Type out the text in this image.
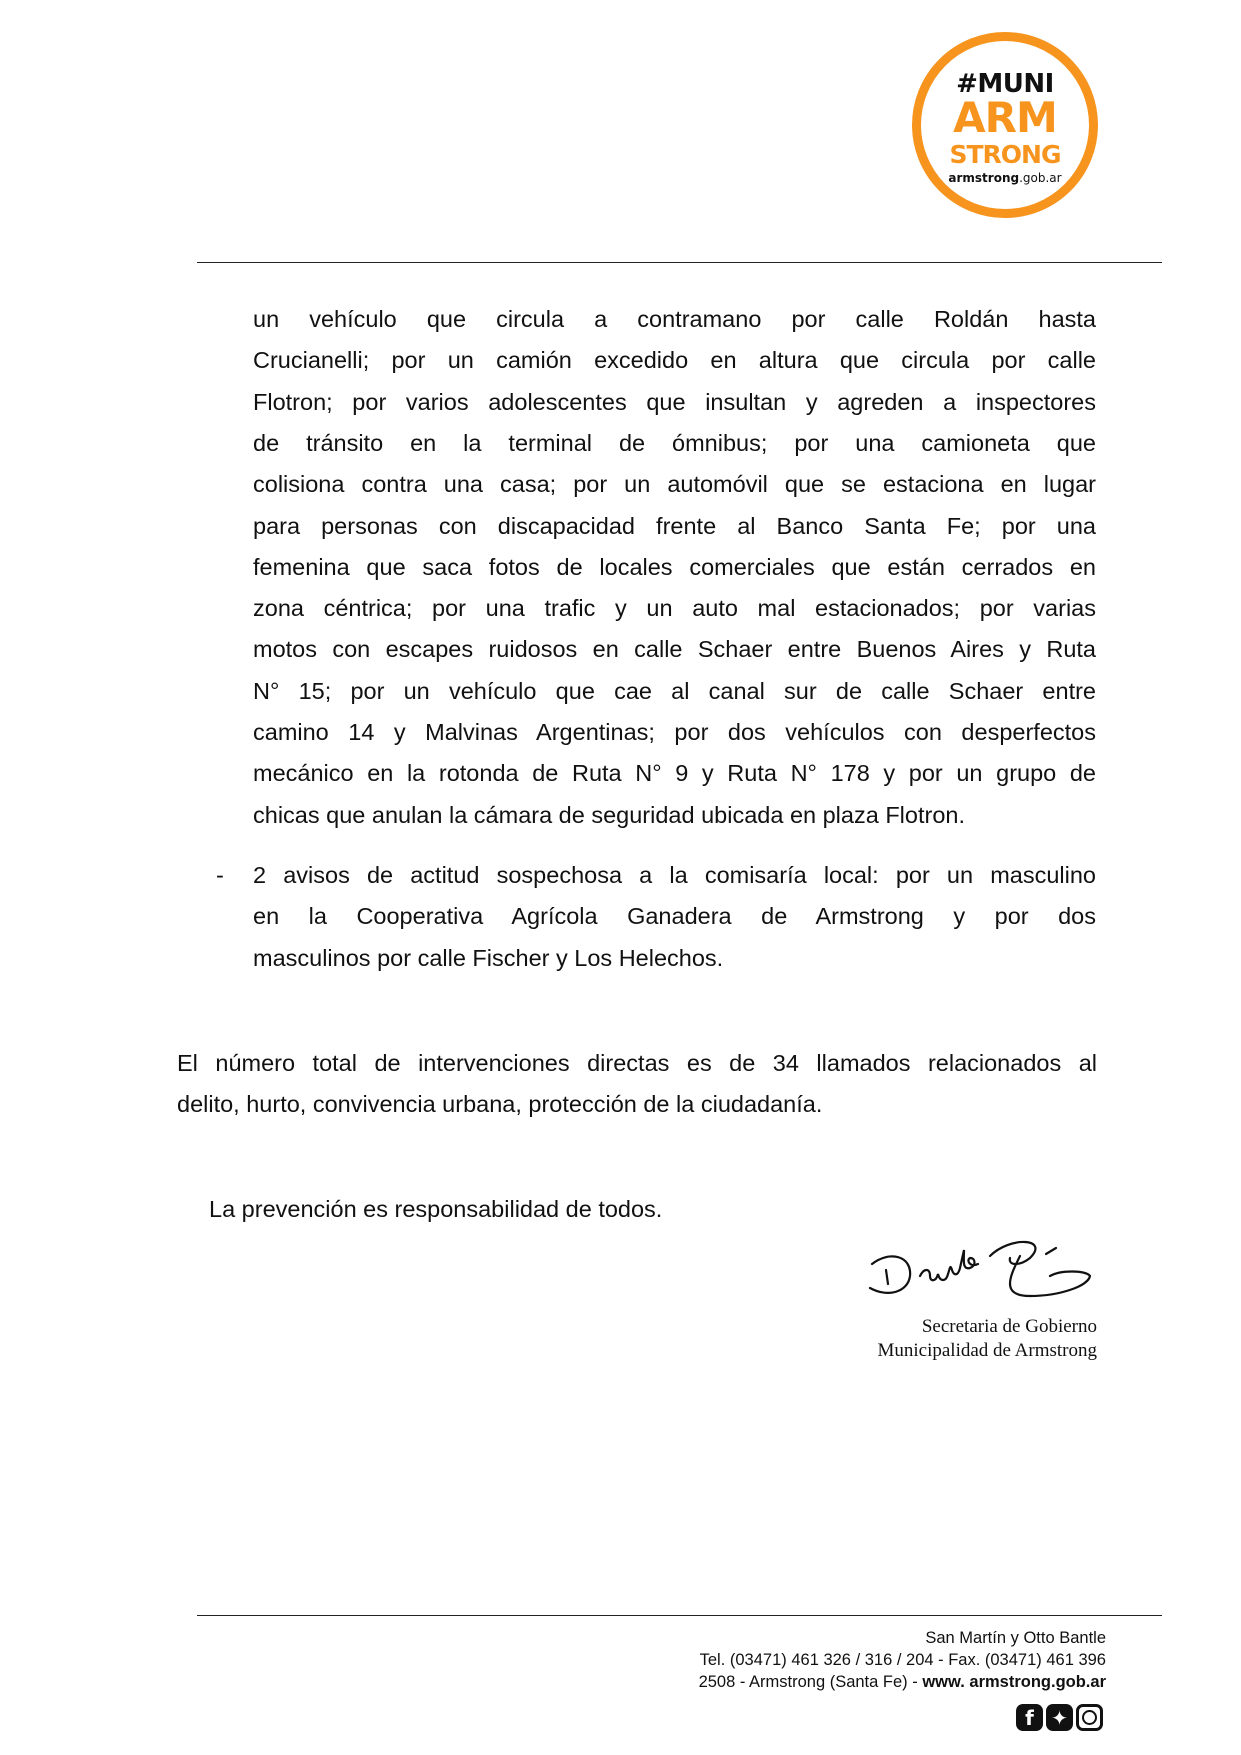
#MUNI
ARM
STRONG
armstrong.gob.ar
un vehículo que circula a contramano por calle Roldán hasta
Crucianelli; por un camión excedido en altura que circula por calle
Flotron; por varios adolescentes que insultan y agreden a inspectores
de tránsito en la terminal de ómnibus; por una camioneta que
colisiona contra una casa; por un automóvil que se estaciona en lugar
para personas con discapacidad frente al Banco Santa Fe; por una
femenina que saca fotos de locales comerciales que están cerrados en
zona céntrica; por una trafic y un auto mal estacionados; por varias
motos con escapes ruidosos en calle Schaer entre Buenos Aires y Ruta
N° 15; por un vehículo que cae al canal sur de calle Schaer entre
camino 14 y Malvinas Argentinas; por dos vehículos con desperfectos
mecánico en la rotonda de Ruta N° 9 y Ruta N° 178 y por un grupo de
chicas que anulan la cámara de seguridad ubicada en plaza Flotron.
- 2 avisos de actitud sospechosa a la comisaría local: por un masculino
en la Cooperativa Agrícola Ganadera de Armstrong y por dos
masculinos por calle Fischer y Los Helechos.
El número total de intervenciones directas es de 34 llamados relacionados al
delito, hurto, convivencia urbana, protección de la ciudadanía.
La prevención es responsabilidad de todos.
Secretaria de Gobierno
Municipalidad de Armstrong
San Martín y Otto Bantle
Tel. (03471) 461 326 / 316 / 204 - Fax. (03471) 461 396
2508 - Armstrong (Santa Fe) - www. armstrong.gob.ar
f ✦
